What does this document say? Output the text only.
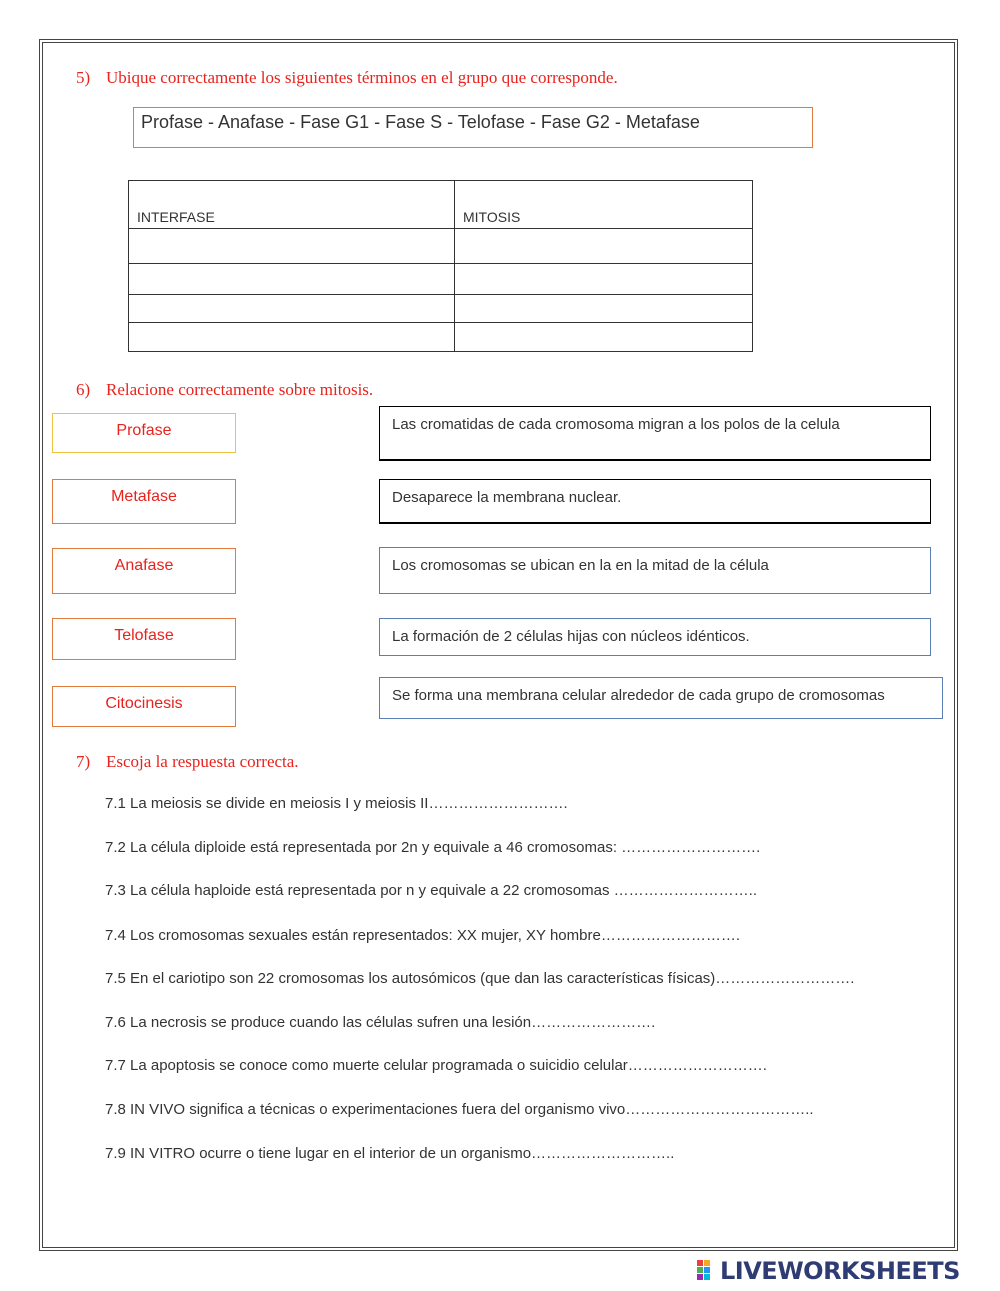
5) Ubique correctamente los siguientes términos en el grupo que corresponde.
Profase - Anafase - Fase G1 - Fase S - Telofase - Fase G2 - Metafase
INTERFASE	MITOSIS

6) Relacione correctamente sobre mitosis.
Profase
Metafase
Anafase
Telofase
Citocinesis
Las cromatidas de cada cromosoma migran a los polos de la celula
Desaparece la membrana nuclear.
Los cromosomas se ubican en la en la mitad de la célula
La formación de 2 células hijas con núcleos idénticos.
Se forma una membrana celular alrededor de cada grupo de cromosomas
7) Escoja la respuesta correcta.
7.1 La meiosis se divide en meiosis I y meiosis II……………………….
7.2 La célula diploide está representada por 2n y equivale a 46 cromosomas: ……………………….
7.3 La célula haploide está representada por n y equivale a 22 cromosomas ………………………..
7.4 Los cromosomas sexuales están representados: XX mujer, XY hombre……………………….
7.5 En el cariotipo son 22 cromosomas los autosómicos (que dan las características físicas)……………………….
7.6 La necrosis se produce cuando las células sufren una lesión…………………….
7.7 La apoptosis se conoce como muerte celular programada o suicidio celular……………………….
7.8 IN VIVO significa a técnicas o experimentaciones fuera del organismo vivo………………………………..
7.9 IN VITRO ocurre o tiene lugar en el interior de un organismo………………………..
LIVEWORKSHEETS
